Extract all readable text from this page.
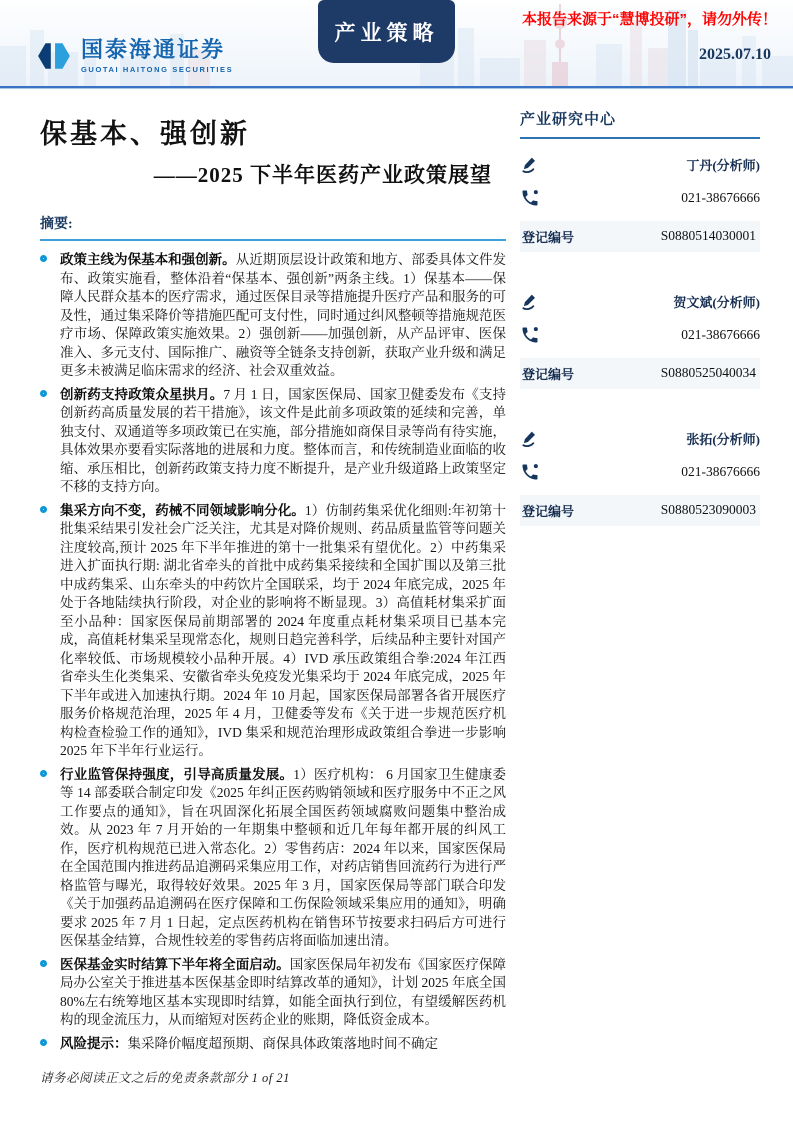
国泰海通证券
GUOTAI HAITONG SECURITIES
产业策略
本报告来源于“慧博投研”，请勿外传！
2025.07.10
保基本、强创新
——2025 下半年医药产业政策展望
摘要:

政策主线为保基本和强创新。从近期顶层设计政策和地方、部委具体文件发布、政策实施看，整体沿着“保基本、强创新”两条主线。1）保基本——保障人民群众基本的医疗需求，通过医保目录等措施提升医疗产品和服务的可及性，通过集采降价等措施匹配可支付性，同时通过纠风整顿等措施规范医疗市场、保障政策实施效果。2）强创新——加强创新，从产品评审、医保准入、多元支付、国际推广、融资等全链条支持创新，获取产业升级和满足更多未被满足临床需求的经济、社会双重效益。

创新药支持政策众星拱月。7 月 1 日，国家医保局、国家卫健委发布《支持创新药高质量发展的若干措施》，该文件是此前多项政策的延续和完善，单独支付、双通道等多项政策已在实施，部分措施如商保目录等尚有待实施，具体效果亦要看实际落地的进展和力度。整体而言，和传统制造业面临的收缩、承压相比，创新药政策支持力度不断提升，是产业升级道路上政策坚定不移的支持方向。

集采方向不变，药械不同领域影响分化。1）仿制药集采优化细则:年初第十批集采结果引发社会广泛关注，尤其是对降价规则、药品质量监管等问题关注度较高,预计 2025 年下半年推进的第十一批集采有望优化。2）中药集采进入扩面执行期: 湖北省牵头的首批中成药集采接续和全国扩围以及第三批中成药集采、山东牵头的中药饮片全国联采，均于 2024 年底完成，2025 年处于各地陆续执行阶段，对企业的影响将不断显现。3）高值耗材集采扩面至小品种：国家医保局前期部署的 2024 年度重点耗材集采项目已基本完成，高值耗材集采呈现常态化，规则日趋完善科学，后续品种主要针对国产化率较低、市场规模较小品种开展。4）IVD 承压政策组合拳:2024 年江西省牵头生化类集采、安徽省牵头免疫发光集采均于 2024 年底完成，2025 年下半年或进入加速执行期。2024 年 10 月起，国家医保局部署各省开展医疗服务价格规范治理，2025 年 4 月，卫健委等发布《关于进一步规范医疗机构检查检验工作的通知》，IVD 集采和规范治理形成政策组合拳进一步影响 2025 年下半年行业运行。

行业监管保持强度，引导高质量发展。1）医疗机构： 6 月国家卫生健康委等 14 部委联合制定印发《2025 年纠正医药购销领域和医疗服务中不正之风工作要点的通知》，旨在巩固深化拓展全国医药领域腐败问题集中整治成效。从 2023 年 7 月开始的一年期集中整顿和近几年每年都开展的纠风工作，医疗机构规范已进入常态化。2）零售药店：2024 年以来，国家医保局在全国范围内推进药品追溯码采集应用工作，对药店销售回流药行为进行严格监管与曝光，取得较好效果。2025 年 3 月，国家医保局等部门联合印发《关于加强药品追溯码在医疗保障和工伤保险领域采集应用的通知》，明确要求 2025 年 7 月 1 日起，定点医药机构在销售环节按要求扫码后方可进行医保基金结算，合规性较差的零售药店将面临加速出清。

医保基金实时结算下半年将全面启动。国家医保局年初发布《国家医疗保障局办公室关于推进基本医保基金即时结算改革的通知》，计划 2025 年底全国 80%左右统筹地区基本实现即时结算，如能全面执行到位，有望缓解医药机构的现金流压力，从而缩短对医药企业的账期，降低资金成本。

风险提示：集采降价幅度超预期、商保具体政策落地时间不确定

产业研究中心
丁丹(分析师)
021-38676666
登记编号	S0880514030001
贺文斌(分析师)
021-38676666
登记编号	S0880525040034
张拓(分析师)
021-38676666
登记编号	S0880523090003
请务必阅读正文之后的免责条款部分 1 of 21
